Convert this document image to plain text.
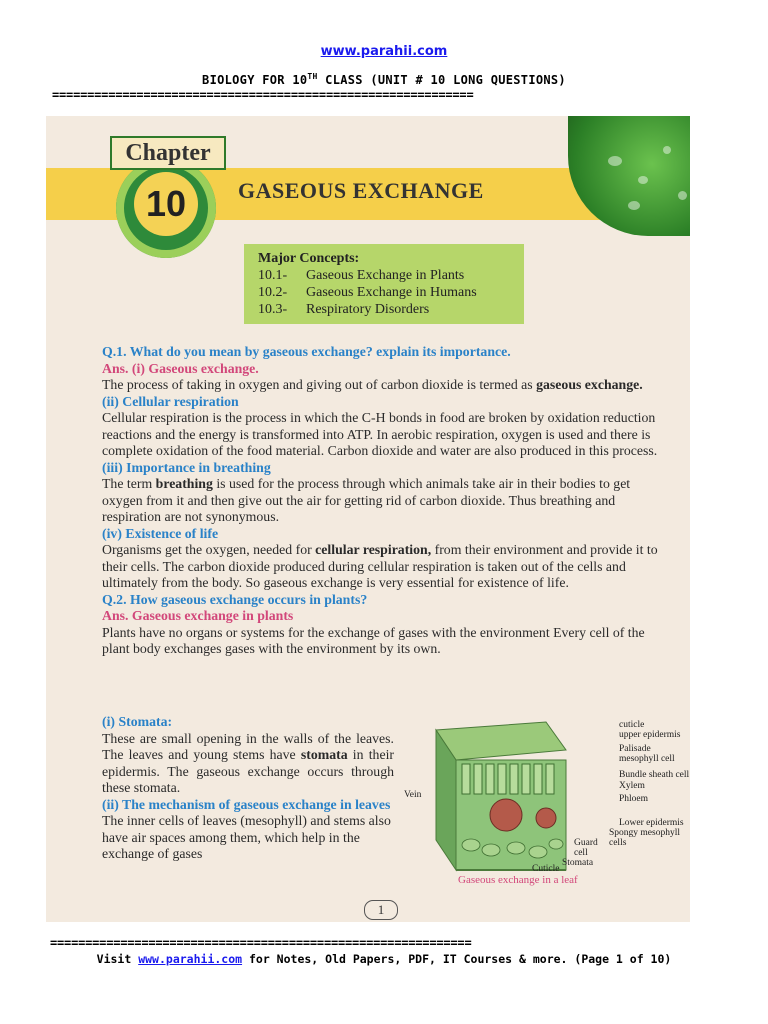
www.parahii.com
BIOLOGY FOR 10TH CLASS (UNIT # 10 LONG QUESTIONS)
============================================================
10
Chapter
GASEOUS EXCHANGE
Major Concepts:
10.1- Gaseous Exchange in Plants
10.2- Gaseous Exchange in Humans
10.3- Respiratory Disorders
Q.1. What do you mean by gaseous exchange? explain its importance.
Ans. (i) Gaseous exchange.
The process of taking in oxygen and giving out of carbon dioxide is termed as gaseous exchange.
(ii) Cellular respiration
Cellular respiration is the process in which the C-H bonds in food are broken by oxidation reduction reactions and the energy is transformed into ATP. In aerobic respiration, oxygen is used and there is complete oxidation of the food material. Carbon dioxide and water are also produced in this process.
(iii) Importance in breathing
The term breathing is used for the process through which animals take air in their bodies to get oxygen from it and then give out the air for getting rid of carbon dioxide. Thus breathing and respiration are not synonymous.
(iv) Existence of life
Organisms get the oxygen, needed for cellular respiration, from their environment and provide it to their cells. The carbon dioxide produced during cellular respiration is taken out of the cells and ultimately from the body. So gaseous exchange is very essential for existence of life.
Q.2. How gaseous exchange occurs in plants?
Ans. Gaseous exchange in plants
Plants have no organs or systems for the exchange of gases with the environment Every cell of the plant body exchanges gases with the environment by its own.
(i) Stomata:
These are small opening in the walls of the leaves. The leaves and young stems have stomata in their epidermis. The gaseous exchange occurs through these stomata.
(ii) The mechanism of gaseous exchange in leaves
The inner cells of leaves (mesophyll) and stems also have air spaces among them, which help in the exchange of gases
cuticle
upper epidermis
Palisade
mesophyll cell
Bundle sheath cell
Xylem
Phloem
Vein
Lower epidermis
Spongy mesophyll
cells
Guard
cell
Stomata
Cuticle
Gaseous exchange in a leaf
1
============================================================
Visit www.parahii.com for Notes, Old Papers, PDF, IT Courses & more. (Page 1 of 10)
